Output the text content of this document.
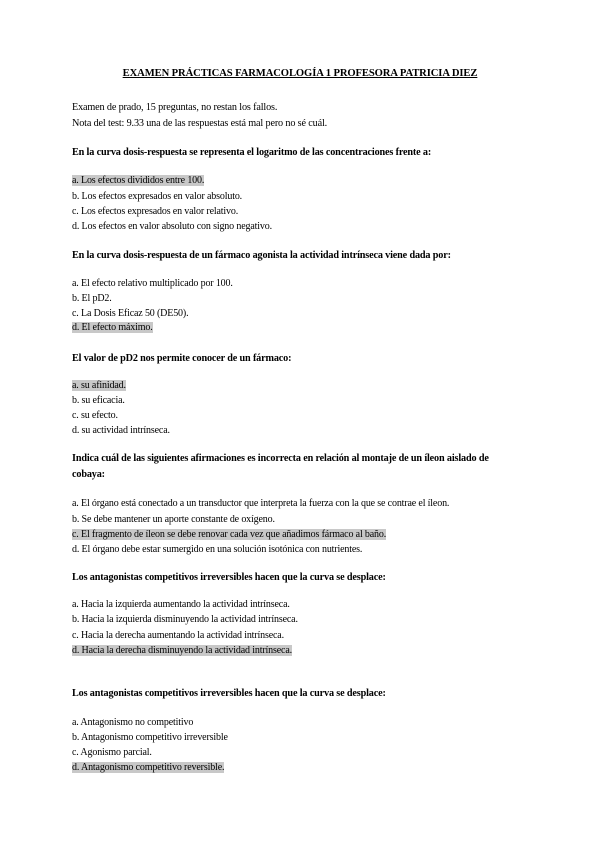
EXAMEN PRÁCTICAS FARMACOLOGÍA 1 PROFESORA PATRICIA DIEZ
Examen de prado, 15 preguntas, no restan los fallos.
Nota del test: 9.33 una de las respuestas está mal pero no sé cuál.
En la curva dosis-respuesta se representa el logaritmo de las concentraciones frente a:
a. Los efectos divididos entre 100.
b. Los efectos expresados en valor absoluto.
c. Los efectos expresados en valor relativo.
d. Los efectos en valor absoluto con signo negativo.
En la curva dosis-respuesta de un fármaco agonista la actividad intrínseca viene dada por:
a. El efecto relativo multiplicado por 100.
b. El pD2.
c. La Dosis Eficaz 50 (DE50).
d. El efecto máximo.
El valor de pD2 nos permite conocer de un fármaco:
a. su afinidad.
b. su eficacia.
c. su efecto.
d. su actividad intrínseca.
Indica cuál de las siguientes afirmaciones es incorrecta en relación al montaje de un íleon aislado de cobaya:
a. El órgano está conectado a un transductor que interpreta la fuerza con la que se contrae el íleon.
b. Se debe mantener un aporte constante de oxígeno.
c. El fragmento de íleon se debe renovar cada vez que añadimos fármaco al baño.
d. El órgano debe estar sumergido en una solución isotónica con nutrientes.
Los antagonistas competitivos irreversibles hacen que la curva se desplace:
a. Hacia la izquierda aumentando la actividad intrínseca.
b. Hacia la izquierda disminuyendo la actividad intrínseca.
c. Hacia la derecha aumentando la actividad intrínseca.
d. Hacia la derecha disminuyendo la actividad intrínseca.
Los antagonistas competitivos irreversibles hacen que la curva se desplace:
a. Antagonismo no competitivo
b. Antagonismo competitivo irreversible
c. Agonismo parcial.
d. Antagonismo competitivo reversible.
